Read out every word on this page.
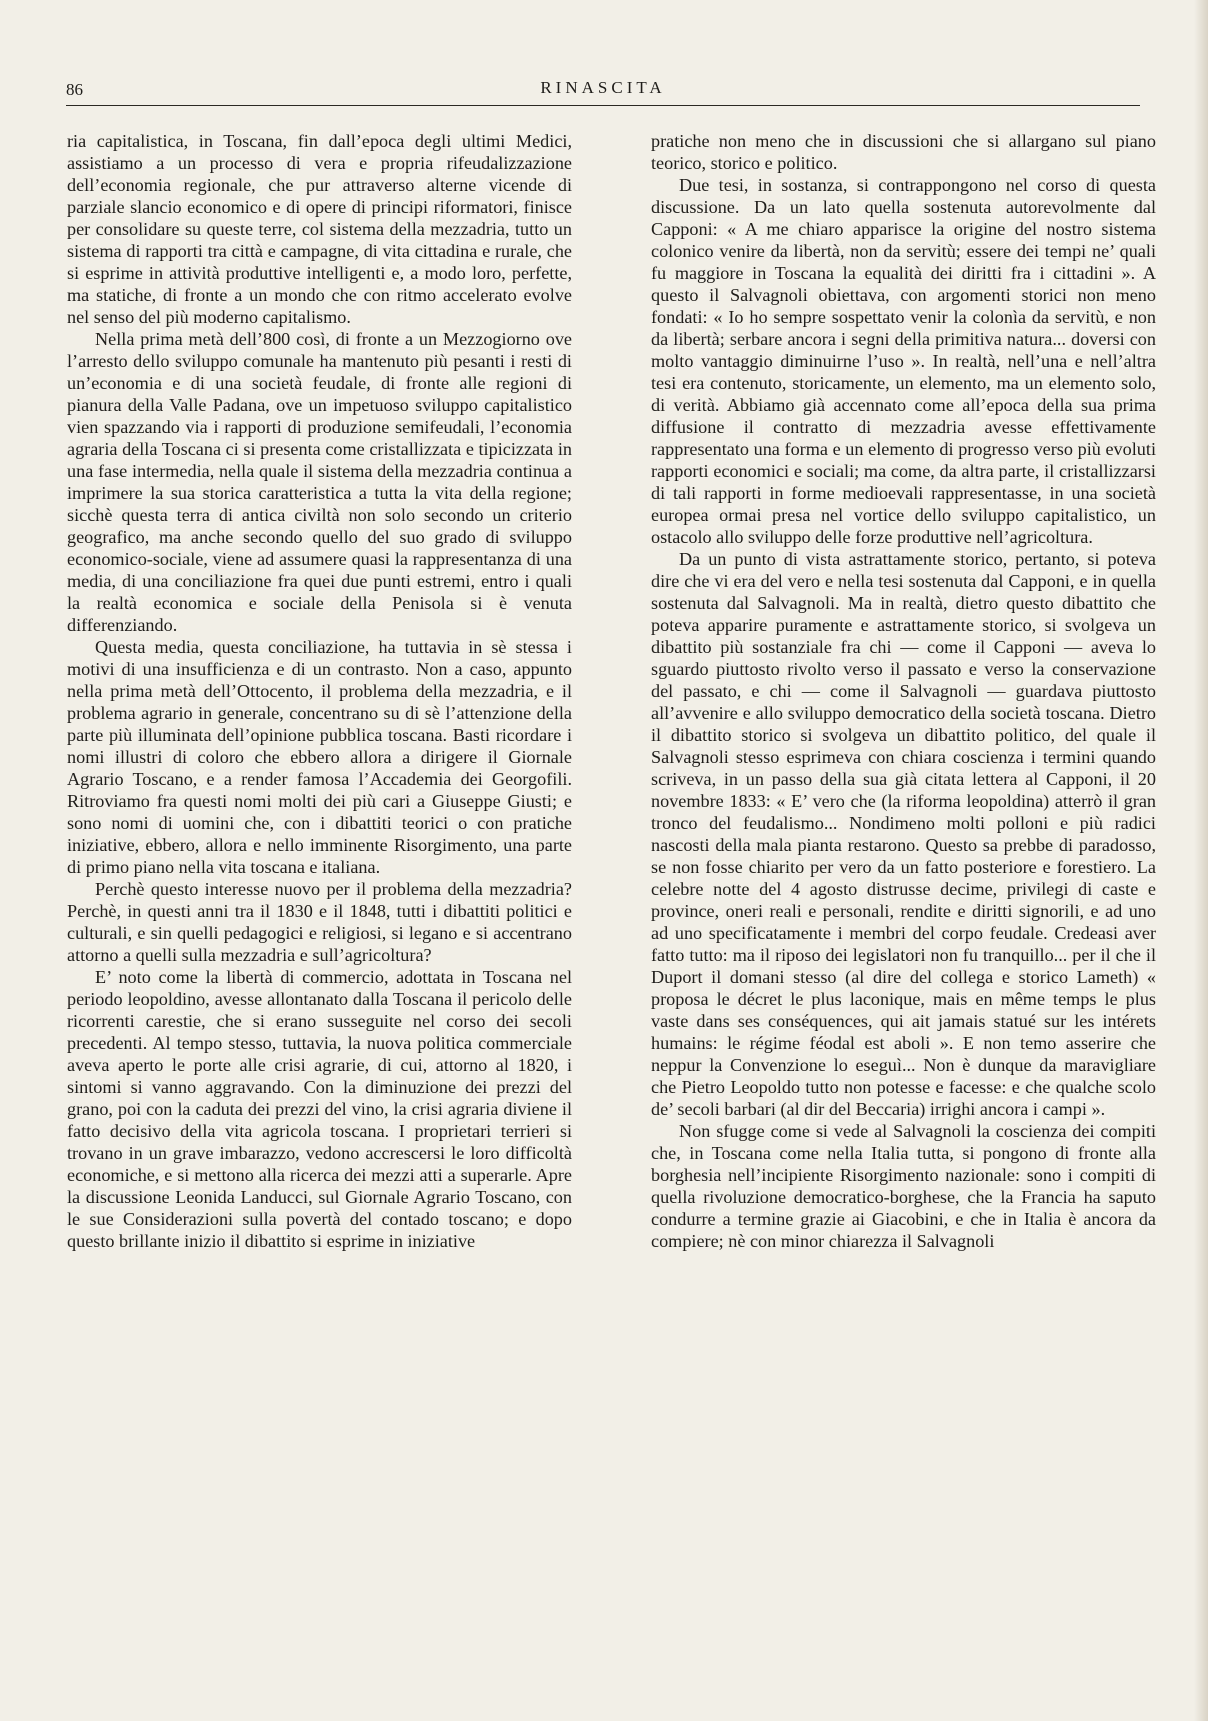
86	RINASCITA

ria capitalistica, in Toscana, fin dall’epoca degli ultimi Medici, assistiamo a un processo di vera e propria rifeudalizzazione dell’economia regionale, che pur attraverso alterne vicende di parziale slancio economico e di opere di principi riformatori, finisce per consolidare su queste terre, col sistema della mezzadria, tutto un sistema di rapporti tra città e campagne, di vita cittadina e rurale, che si esprime in attività produttive intelligenti e, a modo loro, perfette, ma statiche, di fronte a un mondo che con ritmo accelerato evolve nel senso del più moderno capitalismo.

Nella prima metà dell’800 così, di fronte a un Mezzogiorno ove l’arresto dello sviluppo comunale ha mantenuto più pesanti i resti di un’economia e di una società feudale, di fronte alle regioni di pianura della Valle Padana, ove un impetuoso sviluppo capitalistico vien spazzando via i rapporti di produzione semifeudali, l’economia agraria della Toscana ci si presenta come cristallizzata e tipicizzata in una fase intermedia, nella quale il sistema della mezzadria continua a imprimere la sua storica caratteristica a tutta la vita della regione; sicchè questa terra di antica civiltà non solo secondo un criterio geografico, ma anche secondo quello del suo grado di sviluppo economico-sociale, viene ad assumere quasi la rappresentanza di una media, di una conciliazione fra quei due punti estremi, entro i quali la realtà economica e sociale della Penisola si è venuta differenziando.

Questa media, questa conciliazione, ha tuttavia in sè stessa i motivi di una insufficienza e di un contrasto. Non a caso, appunto nella prima metà dell’Ottocento, il problema della mezzadria, e il problema agrario in generale, concentrano su di sè l’attenzione della parte più illuminata dell’opinione pubblica toscana. Basti ricordare i nomi illustri di coloro che ebbero allora a dirigere il Giornale Agrario Toscano, e a render famosa l’Accademia dei Georgofili. Ritroviamo fra questi nomi molti dei più cari a Giuseppe Giusti; e sono nomi di uomini che, con i dibattiti teorici o con pratiche iniziative, ebbero, allora e nello imminente Risorgimento, una parte di primo piano nella vita toscana e italiana.

Perchè questo interesse nuovo per il problema della mezzadria? Perchè, in questi anni tra il 1830 e il 1848, tutti i dibattiti politici e culturali, e sin quelli pedagogici e religiosi, si legano e si accentrano attorno a quelli sulla mezzadria e sull’agricoltura?

E’ noto come la libertà di commercio, adottata in Toscana nel periodo leopoldino, avesse allontanato dalla Toscana il pericolo delle ricorrenti carestie, che si erano susseguite nel corso dei secoli precedenti. Al tempo stesso, tuttavia, la nuova politica commerciale aveva aperto le porte alle crisi agrarie, di cui, attorno al 1820, i sintomi si vanno aggravando. Con la diminuzione dei prezzi del grano, poi con la caduta dei prezzi del vino, la crisi agraria diviene il fatto decisivo della vita agricola toscana. I proprietari terrieri si trovano in un grave imbarazzo, vedono accrescersi le loro difficoltà economiche, e si mettono alla ricerca dei mezzi atti a superarle. Apre la discussione Leonida Landucci, sul Giornale Agrario Toscano, con le sue Considerazioni sulla povertà del contado toscano; e dopo questo brillante inizio il dibattito si esprime in iniziative

pratiche non meno che in discussioni che si allargano sul piano teorico, storico e politico.

Due tesi, in sostanza, si contrappongono nel corso di questa discussione. Da un lato quella sostenuta autorevolmente dal Capponi: « A me chiaro apparisce la origine del nostro sistema colonico venire da libertà, non da servitù; essere dei tempi ne’ quali fu maggiore in Toscana la equalità dei diritti fra i cittadini ». A questo il Salvagnoli obiettava, con argomenti storici non meno fondati: « Io ho sempre sospettato venir la colonìa da servitù, e non da libertà; serbare ancora i segni della primitiva natura... doversi con molto vantaggio diminuirne l’uso ». In realtà, nell’una e nell’altra tesi era contenuto, storicamente, un elemento, ma un elemento solo, di verità. Abbiamo già accennato come all’epoca della sua prima diffusione il contratto di mezzadria avesse effettivamente rappresentato una forma e un elemento di progresso verso più evoluti rapporti economici e sociali; ma come, da altra parte, il cristallizzarsi di tali rapporti in forme medioevali rappresentasse, in una società europea ormai presa nel vortice dello sviluppo capitalistico, un ostacolo allo sviluppo delle forze produttive nell’agricoltura.

Da un punto di vista astrattamente storico, pertanto, si poteva dire che vi era del vero e nella tesi sostenuta dal Capponi, e in quella sostenuta dal Salvagnoli. Ma in realtà, dietro questo dibattito che poteva apparire puramente e astrattamente storico, si svolgeva un dibattito più sostanziale fra chi — come il Capponi — aveva lo sguardo piuttosto rivolto verso il passato e verso la conservazione del passato, e chi — come il Salvagnoli — guardava piuttosto all’avvenire e allo sviluppo democratico della società toscana. Dietro il dibattito storico si svolgeva un dibattito politico, del quale il Salvagnoli stesso esprimeva con chiara coscienza i termini quando scriveva, in un passo della sua già citata lettera al Capponi, il 20 novembre 1833: « E’ vero che (la riforma leopoldina) atterrò il gran tronco del feudalismo... Nondimeno molti polloni e più radici nascosti della mala pianta restarono. Questo sa prebbe di paradosso, se non fosse chiarito per vero da un fatto posteriore e forestiero. La celebre notte del 4 agosto distrusse decime, privilegi di caste e province, oneri reali e personali, rendite e diritti signorili, e ad uno ad uno specificatamente i membri del corpo feudale. Credeasi aver fatto tutto: ma il riposo dei legislatori non fu tranquillo... per il che il Duport il domani stesso (al dire del collega e storico Lameth) « proposa le décret le plus laconique, mais en même temps le plus vaste dans ses conséquences, qui ait jamais statué sur les intérets humains: le régime féodal est aboli ». E non temo asserire che neppur la Convenzione lo eseguì... Non è dunque da maravigliare che Pietro Leopoldo tutto non potesse e facesse: e che qualche scolo de’ secoli barbari (al dir del Beccaria) irrighi ancora i campi ».

Non sfugge come si vede al Salvagnoli la coscienza dei compiti che, in Toscana come nella Italia tutta, si pongono di fronte alla borghesia nell’incipiente Risorgimento nazionale: sono i compiti di quella rivoluzione democratico-borghese, che la Francia ha saputo condurre a termine grazie ai Giacobini, e che in Italia è ancora da compiere; nè con minor chiarezza il Salvagnoli
